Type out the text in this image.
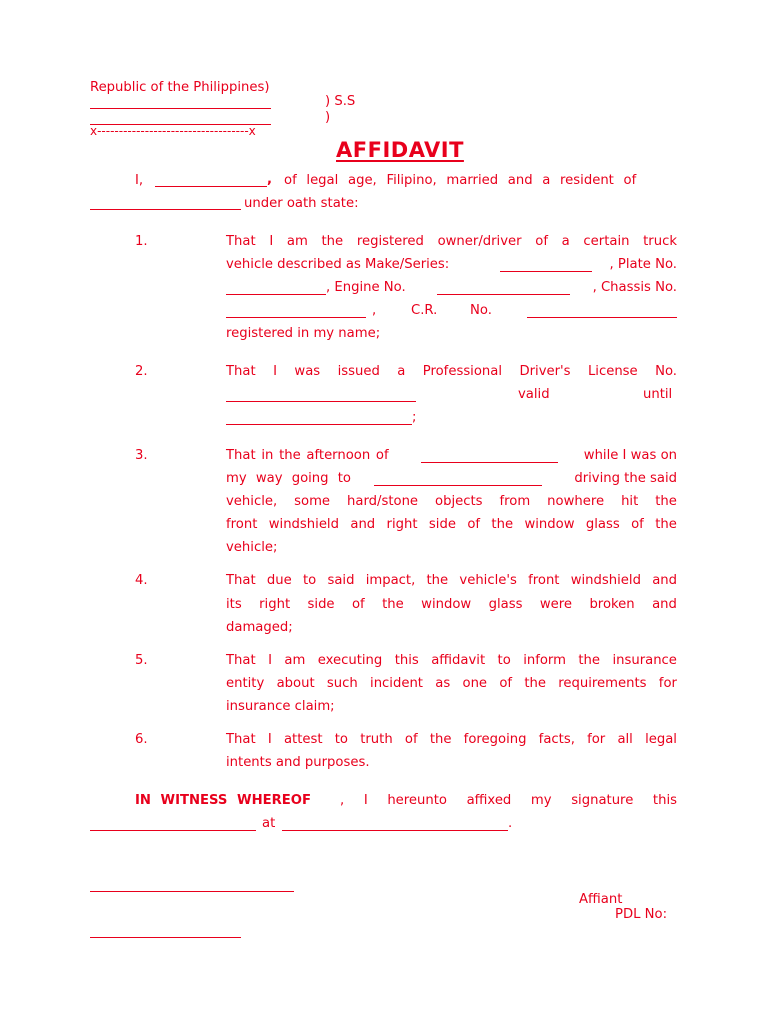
Republic of the Philippines)
) S.S
)
x-----------------------------------x
AFFIDAVIT
I,	, of legal age, Filipino, married and a resident of
under oath state:
1.	That I am the registered owner/driver of a certain truck
vehicle described as Make/Series:	, Plate No.
, Engine No.	, Chassis No.
,	C.R. No.
registered in my name;
2.	That I was issued a Professional Driver's License No.
valid	until
;
3.	That in the afternoon of	while I was on
my way going to	driving the said
vehicle, some hard/stone objects from nowhere hit the
front windshield and right side of the window glass of the
vehicle;
4.	That due to said impact, the vehicle's front windshield and
its right side of the window glass were broken and
damaged;
5.	That I am executing this affidavit to inform the insurance
entity about such incident as one of the requirements for
insurance claim;
6.	That I attest to truth of the foregoing facts, for all legal
intents and purposes.
IN WITNESS WHEREOF , I hereunto affixed my signature this
at	.
Affiant
PDL No:
